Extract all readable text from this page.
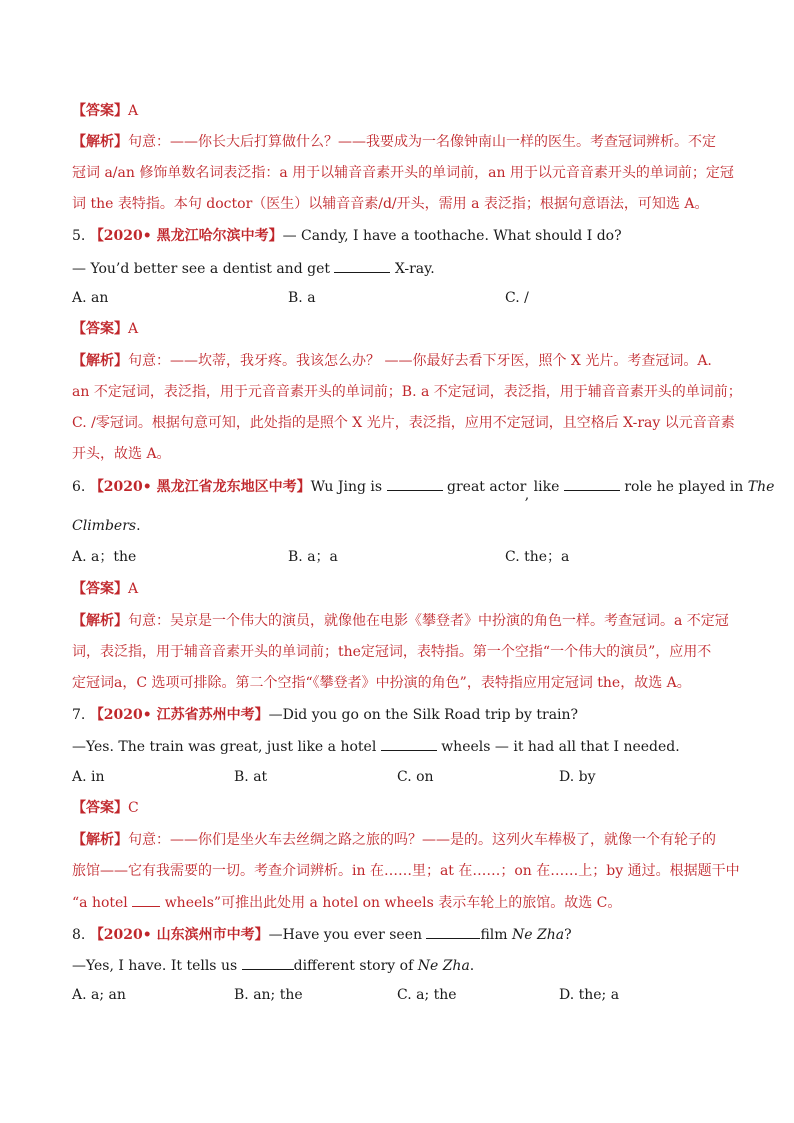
【答案】A
【解析】句意：——你长大后打算做什么？——我要成为一名像钟南山一样的医生。考查冠词辨析。不定
冠词 a/an 修饰单数名词表泛指：a 用于以辅音音素开头的单词前，an 用于以元音音素开头的单词前；定冠
词 the 表特指。本句 doctor（医生）以辅音音素/d/开头，需用 a 表泛指；根据句意语法，可知选 A。
5. 【2020• 黑龙江哈尔滨中考】— Candy, I have a toothache. What should I do?
— You’d better see a dentist and get	X-ray.
A. an	B. a	C. /
【答案】A
【解析】句意：——坎蒂，我牙疼。我该怎么办？ ——你最好去看下牙医，照个 X 光片。考查冠词。A.
an 不定冠词，表泛指，用于元音音素开头的单词前；B. a 不定冠词，表泛指，用于辅音音素开头的单词前；
C. /零冠词。根据句意可知，此处指的是照个 X 光片，表泛指，应用不定冠词，且空格后 X-ray 以元音音素
开头，故选 A。
6. 【2020• 黑龙江省龙东地区中考】Wu Jing is	great actor, like	role he played in The
Climbers.
A. a；the	B. a；a	C. the；a
【答案】A
【解析】句意：吴京是一个伟大的演员，就像他在电影《攀登者》中扮演的角色一样。考查冠词。a 不定冠
词，表泛指，用于辅音音素开头的单词前；the定冠词，表特指。第一个空指“一个伟大的演员”，应用不
定冠词a，C 选项可排除。第二个空指“《攀登者》中扮演的角色”，表特指应用定冠词 the，故选 A。
7. 【2020• 江苏省苏州中考】—Did you go on the Silk Road trip by train?
—Yes. The train was great, just like a hotel	wheels — it had all that I needed.
A. in	B. at	C. on	D. by
【答案】C
【解析】句意：——你们是坐火车去丝绸之路之旅的吗？——是的。这列火车棒极了，就像一个有轮子的
旅馆——它有我需要的一切。考查介词辨析。in 在……里；at 在……；on 在……上；by 通过。根据题干中
“a hotel	wheels”可推出此处用 a hotel on wheels 表示车轮上的旅馆。故选 C。
8. 【2020• 山东滨州市中考】—Have you ever seen	film Ne Zha?
—Yes, I have. It tells us	different story of Ne Zha.
A. a; an	B. an; the	C. a; the	D. the; a
